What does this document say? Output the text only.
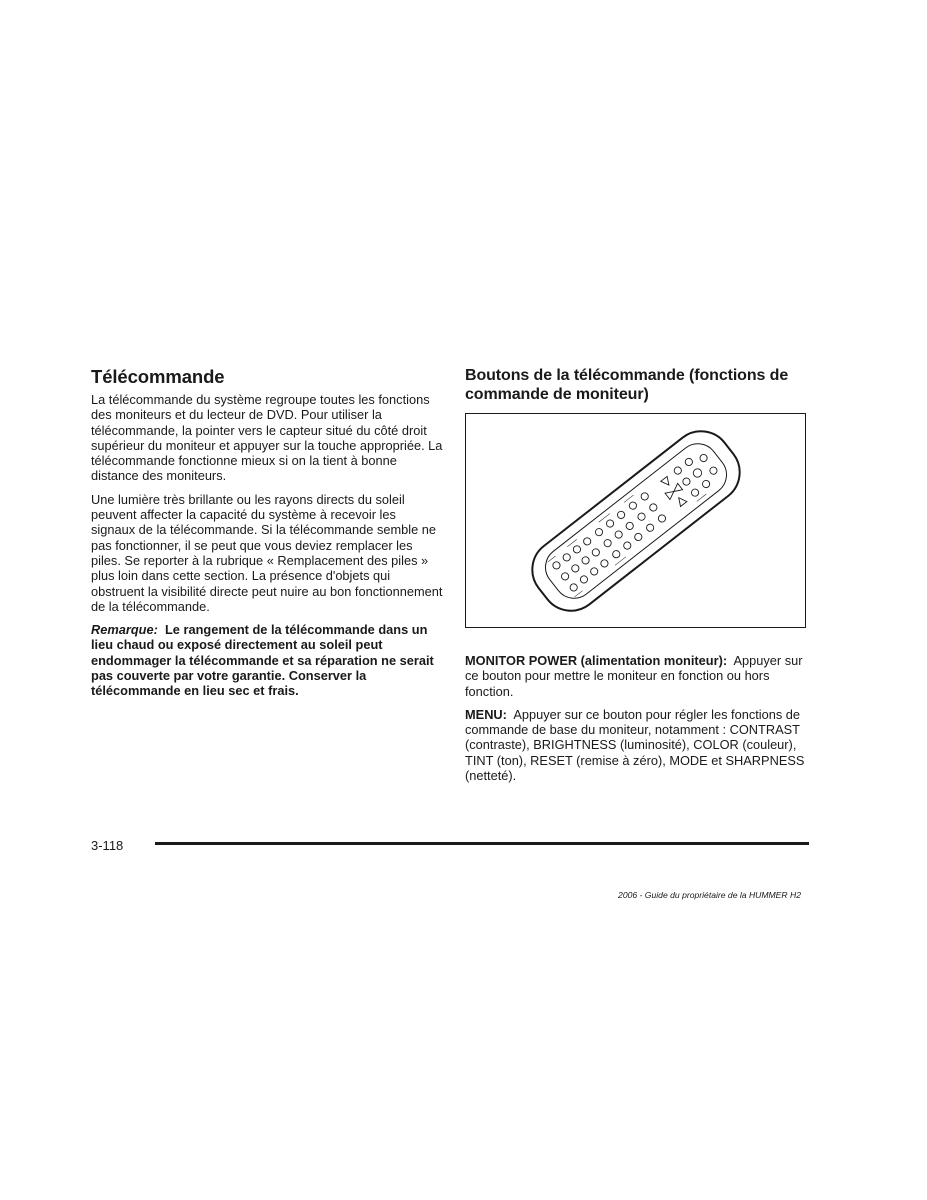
Télécommande

La télécommande du système regroupe toutes les fonctions des moniteurs et du lecteur de DVD. Pour utiliser la télécommande, la pointer vers le capteur situé du côté droit supérieur du moniteur et appuyer sur la touche appropriée. La télécommande fonctionne mieux si on la tient à bonne distance des moniteurs.

Une lumière très brillante ou les rayons directs du soleil peuvent affecter la capacité du système à recevoir les signaux de la télécommande. Si la télécommande semble ne pas fonctionner, il se peut que vous deviez remplacer les piles. Se reporter à la rubrique « Remplacement des piles » plus loin dans cette section. La présence d'objets qui obstruent la visibilité directe peut nuire au bon fonctionnement de la télécommande.

Remarque: Le rangement de la télécommande dans un lieu chaud ou exposé directement au soleil peut endommager la télécommande et sa réparation ne serait pas couverte par votre garantie. Conserver la télécommande en lieu sec et frais.

Boutons de la télécommande (fonctions de commande de moniteur)

MONITOR POWER (alimentation moniteur): Appuyer sur ce bouton pour mettre le moniteur en fonction ou hors fonction.

MENU: Appuyer sur ce bouton pour régler les fonctions de commande de base du moniteur, notamment : CONTRAST (contraste), BRIGHTNESS (luminosité), COLOR (couleur), TINT (ton), RESET (remise à zéro), MODE et SHARPNESS (netteté).

3-118
2006 - Guide du propriétaire de la HUMMER H2
